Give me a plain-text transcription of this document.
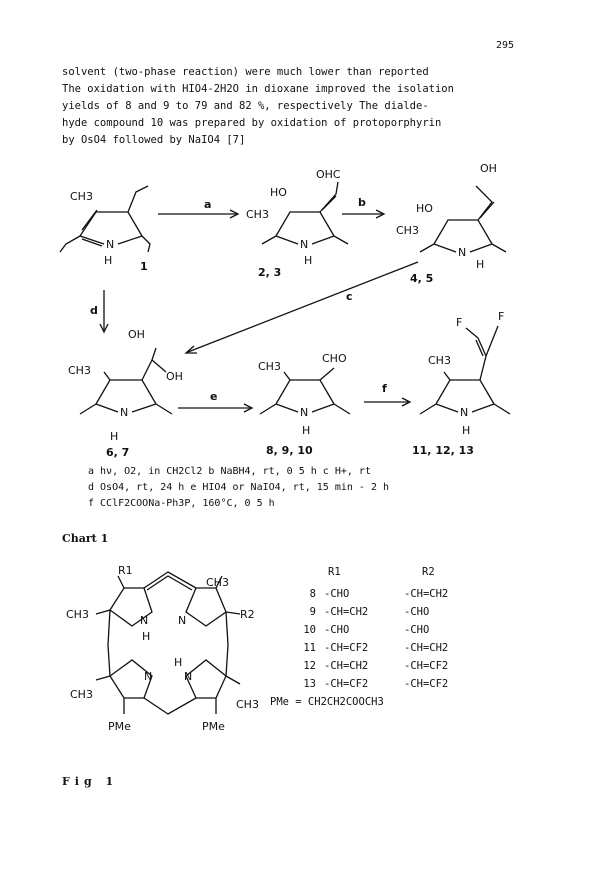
295
solvent (two-phase reaction) were much lower than reported
The oxidation with HIO4-2H2O in dioxane improved the isolation
yields of 8 and 9 to 79 and 82 %, respectively The dialde-
hyde compound 10 was prepared by oxidation of protoporphyrin
by OsO4 followed by NaIO4 [7]
CH3
N
H	1
a
HO
OHC
CH3
N
H
2, 3
b
OH
HO
CH3
N
H
4, 5
c
d
OH
OH
CH3
N
H
6, 7
e
CH3
CHO
N
H
8, 9, 10
f
F	F
CH3
N
H
11, 12, 13
R1
CH3
CH3	R2
N
H
N
H
N	N
CH3
CH3
PMe	PMe
a hν, O2, in CH2Cl2 b NaBH4, rt, 0 5 h c H+, rt
d OsO4, rt, 24 h e HIO4 or NaIO4, rt, 15 min - 2 h
f CClF2COONa-Ph3P, 160°C, 0 5 h
Chart 1
R1	R2
8 -CHO	-CH=CH2
9 -CH=CH2	-CHO
10 -CHO	-CHO
11 -CH=CF2	-CH=CH2
12 -CH=CH2	-CH=CF2
13 -CH=CF2	-CH=CF2
PMe = CH2CH2COOCH3
Fig 1
